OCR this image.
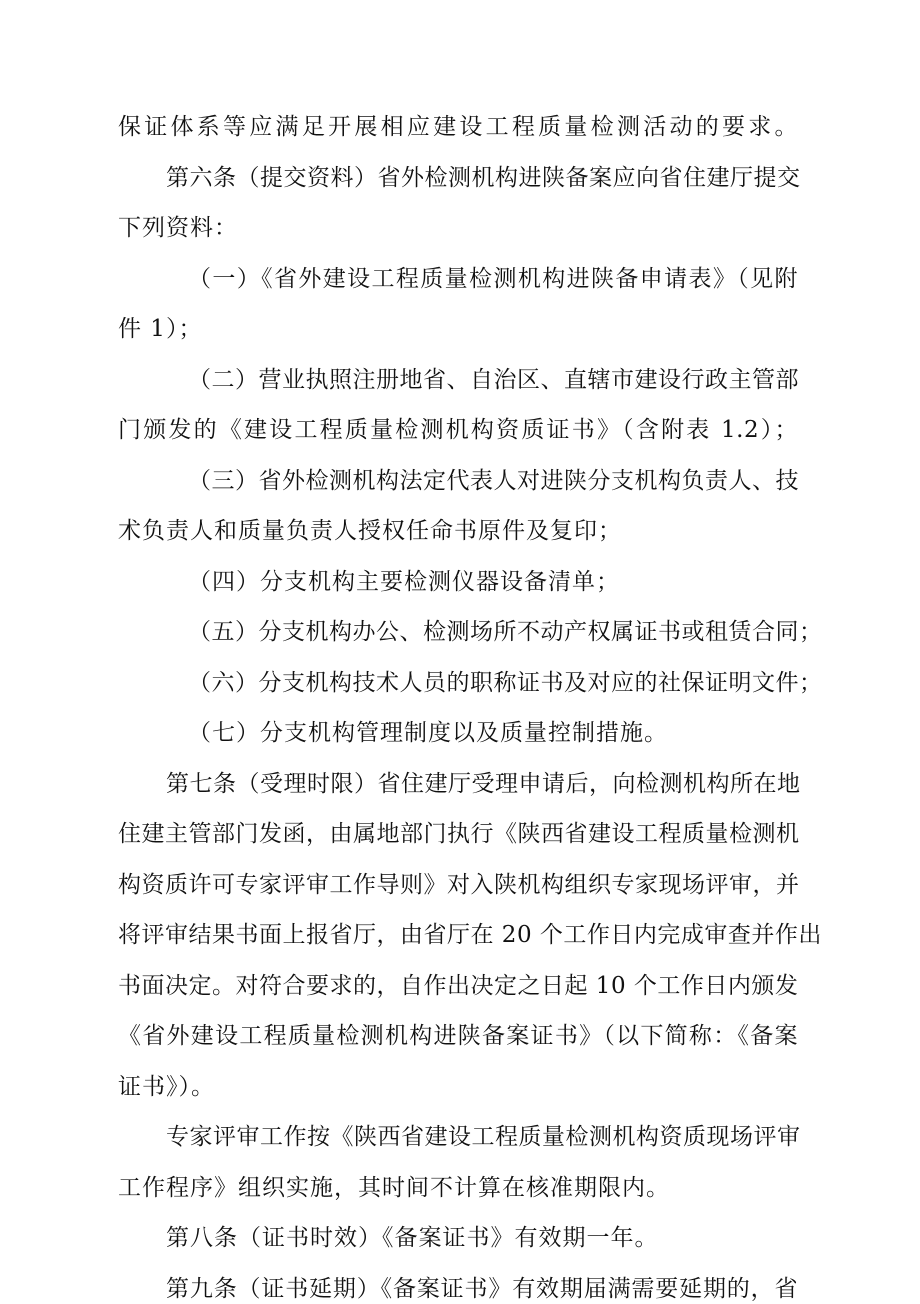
保证体系等应满足开展相应建设工程质量检测活动的要求。
第六条（提交资料）省外检测机构进陕备案应向省住建厅提交
下列资料：
（一）《省外建设工程质量检测机构进陕备申请表》（见附
件 1）；
（二）营业执照注册地省、自治区、直辖市建设行政主管部
门颁发的《建设工程质量检测机构资质证书》（含附表 1.2）；
（三）省外检测机构法定代表人对进陕分支机构负责人、技
术负责人和质量负责人授权任命书原件及复印；
（四）分支机构主要检测仪器设备清单；
（五）分支机构办公、检测场所不动产权属证书或租赁合同；
（六）分支机构技术人员的职称证书及对应的社保证明文件；
（七）分支机构管理制度以及质量控制措施。
第七条（受理时限）省住建厅受理申请后，向检测机构所在地
住建主管部门发函，由属地部门执行《陕西省建设工程质量检测机
构资质许可专家评审工作导则》对入陕机构组织专家现场评审，并
将评审结果书面上报省厅，由省厅在 20 个工作日内完成审查并作出
书面决定。对符合要求的，自作出决定之日起 10 个工作日内颁发
《省外建设工程质量检测机构进陕备案证书》（以下简称：《备案
证书》）。
专家评审工作按《陕西省建设工程质量检测机构资质现场评审
工作程序》组织实施，其时间不计算在核准期限内。
第八条（证书时效）《备案证书》有效期一年。
第九条（证书延期）《备案证书》有效期届满需要延期的，省
